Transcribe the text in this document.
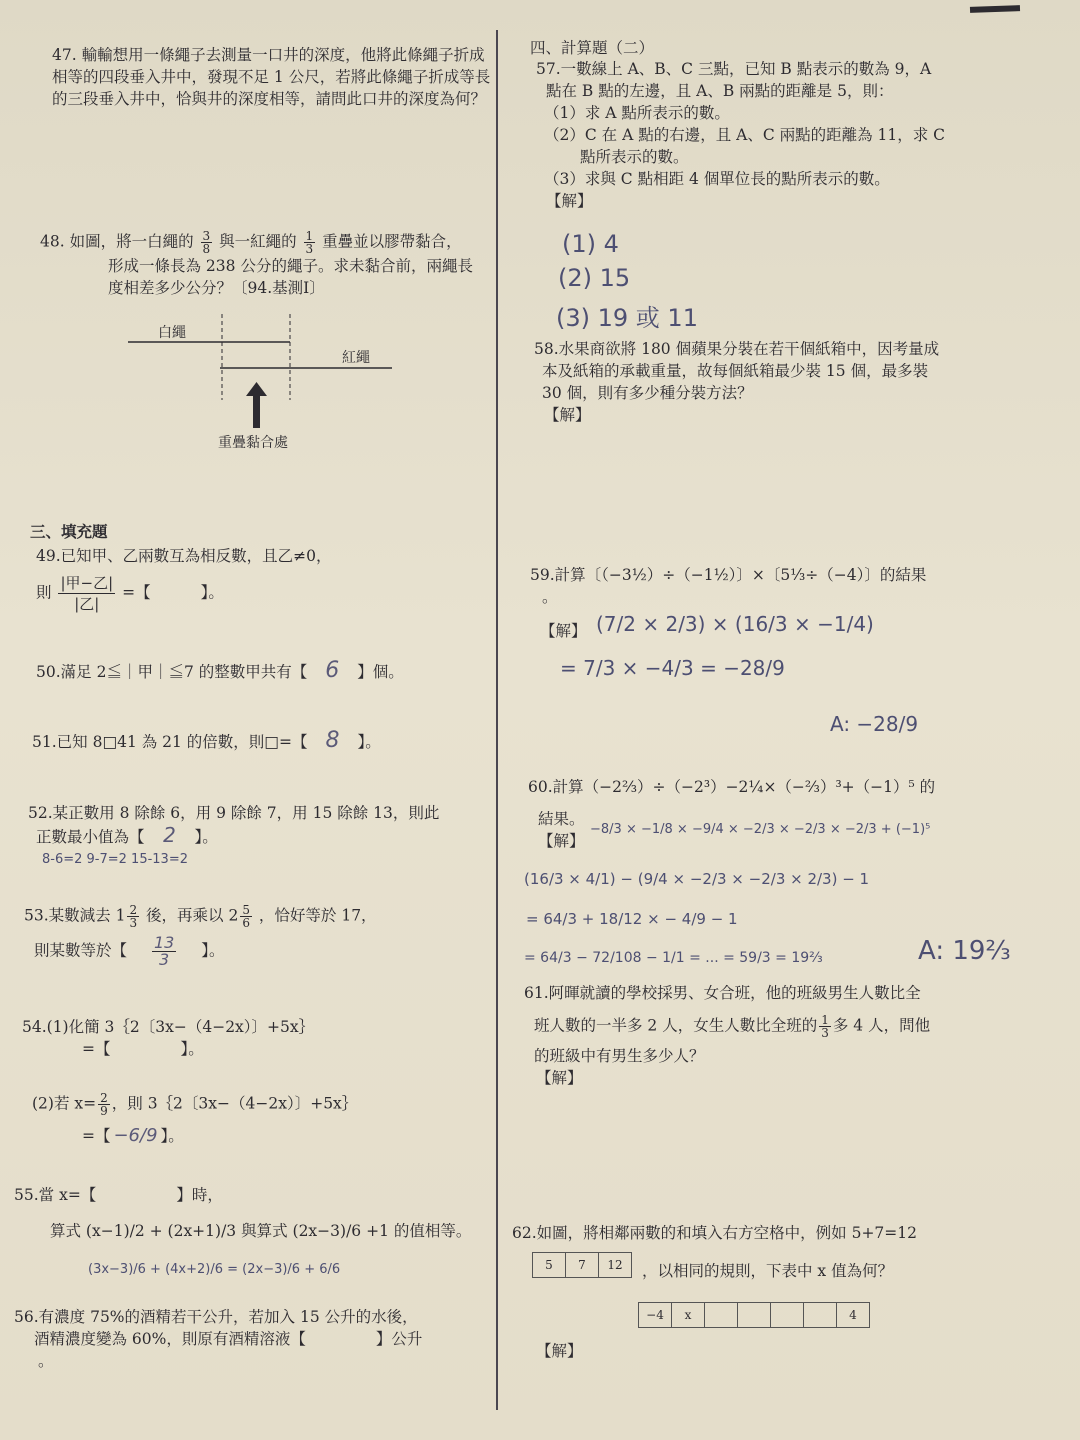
47. 輸輸想用一條繩子去測量一口井的深度，他將此條繩子折成相等的四段垂入井中，發現不足 1 公尺，若將此條繩子折成等長的三段垂入井中，恰與井的深度相等，請問此口井的深度為何？

48. 如圖，將一白繩的 $\frac{3}{8}$ 與一紅繩的 $\frac{1}{3}$ 重疊並以膠帶黏合，

形成一條長為 238 公分的繩子。求未黏合前，兩繩長度相差多少公分？〔94.基測Ⅰ〕

白繩
紅繩
重疊黏合處
三、填充題

49.已知甲、乙兩數互為相反數，且乙≠0，

則 $\frac{\text{|甲−乙|}}{\text{|乙|}}$ =【	】。

50.滿足 2≦｜甲｜≦7 的整數甲共有【 6 】個。
51.已知 8□41 為 21 的倍數，則□=【 8 】。

52.某正數用 8 除餘 6，用 9 除餘 7，用 15 除餘 13，則此

正數最小值為【 2 】。

8-6=2 9-7=2 15-13=2

53.某數減去 $1 \frac{2}{3}$ 後，再乘以 $2 \frac{5}{6}$ ，恰好等於 17，

則某數等於【 $\frac{13}{3}$ 】。

54.(1)化簡 3｛2〔3x−（4−2x）〕+5x｝

=【	】。

(2)若 $x= \frac{2}{9}$ ，則 3｛2〔3x−（4−2x）〕+5x｝

=【 −6/9 】。

55.當 x=【	】時，

算式 (x−1)/2 + (2x+1)/3 與算式 (2x−3)/6 +1 的值相等。

(3x−3)/6 + (4x+2)/6 = (2x−3)/6 + 6/6

56.有濃度 75%的酒精若干公升，若加入 15 公升的水後，

酒精濃度變為 60%，則原有酒精溶液【	】公升

。

四、計算題（二）

57.一數線上 A、B、C 三點，已知 B 點表示的數為 9，A

點在 B 點的左邊，且 A、B 兩點的距離是 5，則：

（1）求 A 點所表示的數。

（2）C 在 A 點的右邊，且 A、C 兩點的距離為 11，求 C

點所表示的數。

（3）求與 C 點相距 4 個單位長的點所表示的數。

【解】

(1) 4
(2) 15
(3) 19 或 11

58.水果商欲將 180 個蘋果分裝在若干個紙箱中，因考量成

本及紙箱的承載重量，故每個紙箱最少裝 15 個，最多裝

30 個，則有多少種分裝方法？

【解】

59.計算〔（−3½）÷（−1½）〕×〔5⅓÷（−4）〕的結果

。

【解】 (7/2 × 2/3) × (16/3 × −1/4)
= 7/3 × −4/3 = −28/9
A: −28/9

60.計算（−2⅔）÷（−2³）−2¼×（−⅔）³+（−1）⁵ 的

結果。

【解】

−8/3 × −1/8 × −9/4 × −2/3 × −2/3 × −2/3 + (−1)⁵
(16/3 × 4/1) − (9/4 × −2/3 × −2/3 × 2/3) − 1
= 64/3 + 18/12 × − 4/9 − 1
= 64/3 − 72/108 − 1/1 = ... = 59/3 = 19⅔	A: 19⅔

61.阿暉就讀的學校採男、女合班，他的班級男生人數比全

班人數的一半多 2 人，女生人數比全班的 $\frac{1}{3}$ 多 4 人，問他

的班級中有男生多少人？

【解】

62.如圖，將相鄰兩數的和填入右方空格中，例如 5+7=12

5	7	12 ，以相同的規則，下表中 x 值為何？
−4	x					4
【解】
